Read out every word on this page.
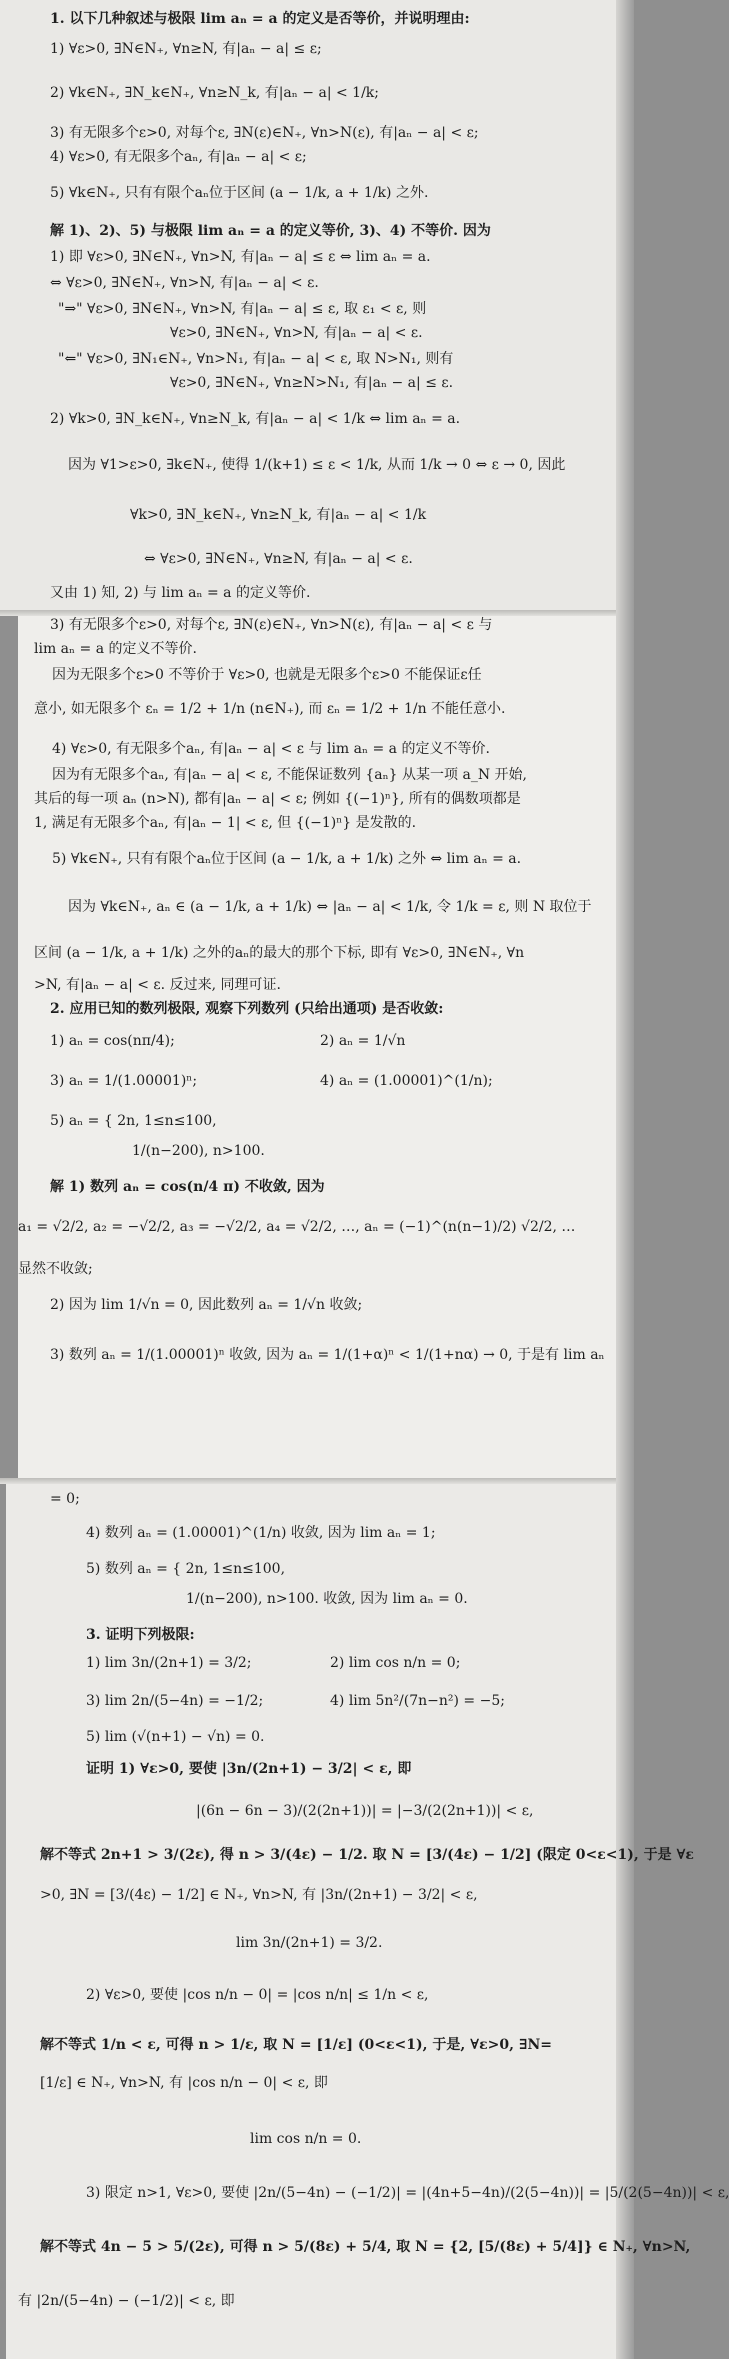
1. 以下几种叙述与极限 lim aₙ = a 的定义是否等价，并说明理由:
1) ∀ε>0, ∃N∈N₊, ∀n≥N, 有|aₙ − a| ≤ ε;
2) ∀k∈N₊, ∃N_k∈N₊, ∀n≥N_k, 有|aₙ − a| < 1/k;
3) 有无限多个ε>0, 对每个ε, ∃N(ε)∈N₊, ∀n>N(ε), 有|aₙ − a| < ε;
4) ∀ε>0, 有无限多个aₙ, 有|aₙ − a| < ε;
5) ∀k∈N₊, 只有有限个aₙ位于区间 (a − 1/k, a + 1/k) 之外.
解 1)、2)、5) 与极限 lim aₙ = a 的定义等价, 3)、4) 不等价. 因为
1) 即 ∀ε>0, ∃N∈N₊, ∀n>N, 有|aₙ − a| ≤ ε ⇔ lim aₙ = a.
⇔ ∀ε>0, ∃N∈N₊, ∀n>N, 有|aₙ − a| < ε.
"⇒" ∀ε>0, ∃N∈N₊, ∀n>N, 有|aₙ − a| ≤ ε, 取 ε₁ < ε, 则
∀ε>0, ∃N∈N₊, ∀n>N, 有|aₙ − a| < ε.
"⇐" ∀ε>0, ∃N₁∈N₊, ∀n>N₁, 有|aₙ − a| < ε, 取 N>N₁, 则有
∀ε>0, ∃N∈N₊, ∀n≥N>N₁, 有|aₙ − a| ≤ ε.
2) ∀k>0, ∃N_k∈N₊, ∀n≥N_k, 有|aₙ − a| < 1/k ⇔ lim aₙ = a.
因为 ∀1>ε>0, ∃k∈N₊, 使得 1/(k+1) ≤ ε < 1/k, 从而 1/k → 0 ⇔ ε → 0, 因此
∀k>0, ∃N_k∈N₊, ∀n≥N_k, 有|aₙ − a| < 1/k
⇔ ∀ε>0, ∃N∈N₊, ∀n≥N, 有|aₙ − a| < ε.
又由 1) 知, 2) 与 lim aₙ = a 的定义等价.
3) 有无限多个ε>0, 对每个ε, ∃N(ε)∈N₊, ∀n>N(ε), 有|aₙ − a| < ε 与
lim aₙ = a 的定义不等价.
因为无限多个ε>0 不等价于 ∀ε>0, 也就是无限多个ε>0 不能保证ε任
意小, 如无限多个 εₙ = 1/2 + 1/n (n∈N₊), 而 εₙ = 1/2 + 1/n 不能任意小.
4) ∀ε>0, 有无限多个aₙ, 有|aₙ − a| < ε 与 lim aₙ = a 的定义不等价.
因为有无限多个aₙ, 有|aₙ − a| < ε, 不能保证数列 {aₙ} 从某一项 a_N 开始,
其后的每一项 aₙ (n>N), 都有|aₙ − a| < ε; 例如 {(−1)ⁿ}, 所有的偶数项都是
1, 满足有无限多个aₙ, 有|aₙ − 1| < ε, 但 {(−1)ⁿ} 是发散的.
5) ∀k∈N₊, 只有有限个aₙ位于区间 (a − 1/k, a + 1/k) 之外 ⇔ lim aₙ = a.
因为 ∀k∈N₊, aₙ ∈ (a − 1/k, a + 1/k) ⇔ |aₙ − a| < 1/k, 令 1/k = ε, 则 N 取位于
区间 (a − 1/k, a + 1/k) 之外的aₙ的最大的那个下标, 即有 ∀ε>0, ∃N∈N₊, ∀n
>N, 有|aₙ − a| < ε. 反过来, 同理可证.
2. 应用已知的数列极限, 观察下列数列 (只给出通项) 是否收敛:
1) aₙ = cos(nπ/4);	2) aₙ = 1/√n
3) aₙ = 1/(1.00001)ⁿ;	4) aₙ = (1.00001)^(1/n);
5) aₙ = { 2n, 1≤n≤100,
1/(n−200), n>100.
解 1) 数列 aₙ = cos(n/4 π) 不收敛, 因为
a₁ = √2/2, a₂ = −√2/2, a₃ = −√2/2, a₄ = √2/2, …, aₙ = (−1)^(n(n−1)/2) √2/2, …
显然不收敛;
2) 因为 lim 1/√n = 0, 因此数列 aₙ = 1/√n 收敛;
3) 数列 aₙ = 1/(1.00001)ⁿ 收敛, 因为 aₙ = 1/(1+α)ⁿ < 1/(1+nα) → 0, 于是有 lim aₙ
= 0;
4) 数列 aₙ = (1.00001)^(1/n) 收敛, 因为 lim aₙ = 1;
5) 数列 aₙ = { 2n, 1≤n≤100,
1/(n−200), n>100. 收敛, 因为 lim aₙ = 0.
3. 证明下列极限:
1) lim 3n/(2n+1) = 3/2;	2) lim cos n/n = 0;
3) lim 2n/(5−4n) = −1/2;	4) lim 5n²/(7n−n²) = −5;
5) lim (√(n+1) − √n) = 0.
证明 1) ∀ε>0, 要使 |3n/(2n+1) − 3/2| < ε, 即
|(6n − 6n − 3)/(2(2n+1))| = |−3/(2(2n+1))| < ε,
解不等式 2n+1 > 3/(2ε), 得 n > 3/(4ε) − 1/2. 取 N = [3/(4ε) − 1/2] (限定 0<ε<1), 于是 ∀ε
>0, ∃N = [3/(4ε) − 1/2] ∈ N₊, ∀n>N, 有 |3n/(2n+1) − 3/2| < ε,
lim 3n/(2n+1) = 3/2.
2) ∀ε>0, 要使 |cos n/n − 0| = |cos n/n| ≤ 1/n < ε,
解不等式 1/n < ε, 可得 n > 1/ε, 取 N = [1/ε] (0<ε<1), 于是, ∀ε>0, ∃N=
[1/ε] ∈ N₊, ∀n>N, 有 |cos n/n − 0| < ε, 即
lim cos n/n = 0.
3) 限定 n>1, ∀ε>0, 要使 |2n/(5−4n) − (−1/2)| = |(4n+5−4n)/(2(5−4n))| = |5/(2(5−4n))| < ε,
解不等式 4n − 5 > 5/(2ε), 可得 n > 5/(8ε) + 5/4, 取 N = {2, [5/(8ε) + 5/4]} ∈ N₊, ∀n>N,
有 |2n/(5−4n) − (−1/2)| < ε, 即
